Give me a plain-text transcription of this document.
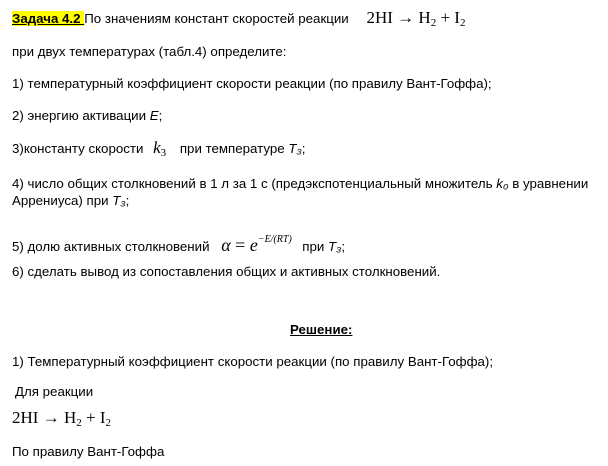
Задача 4.2 По значениям констант скоростей реакции $2HI \to H_2 + I_2$
при двух температурах (табл.4) определите:
1) температурный коэффициент скорости реакции (по правилу Вант-Гоффа);
2) энергию активации E;
3)константу скорости $k_3$ при температуре T₃;
4) число общих столкновений в 1 л за 1 с (предэкспотенциальный множитель k₀ в уравнении
Аррениуса) при T₃;
5) долю активных столкновений $\alpha = e^{-E/(RT)}$ при T₃;
6) сделать вывод из сопоставления общих и активных столкновений.
Решение:
1) Температурный коэффициент скорости реакции (по правилу Вант-Гоффа);
Для реакции
$2HI \to H_2 + I_2$
По правилу Вант-Гоффа
